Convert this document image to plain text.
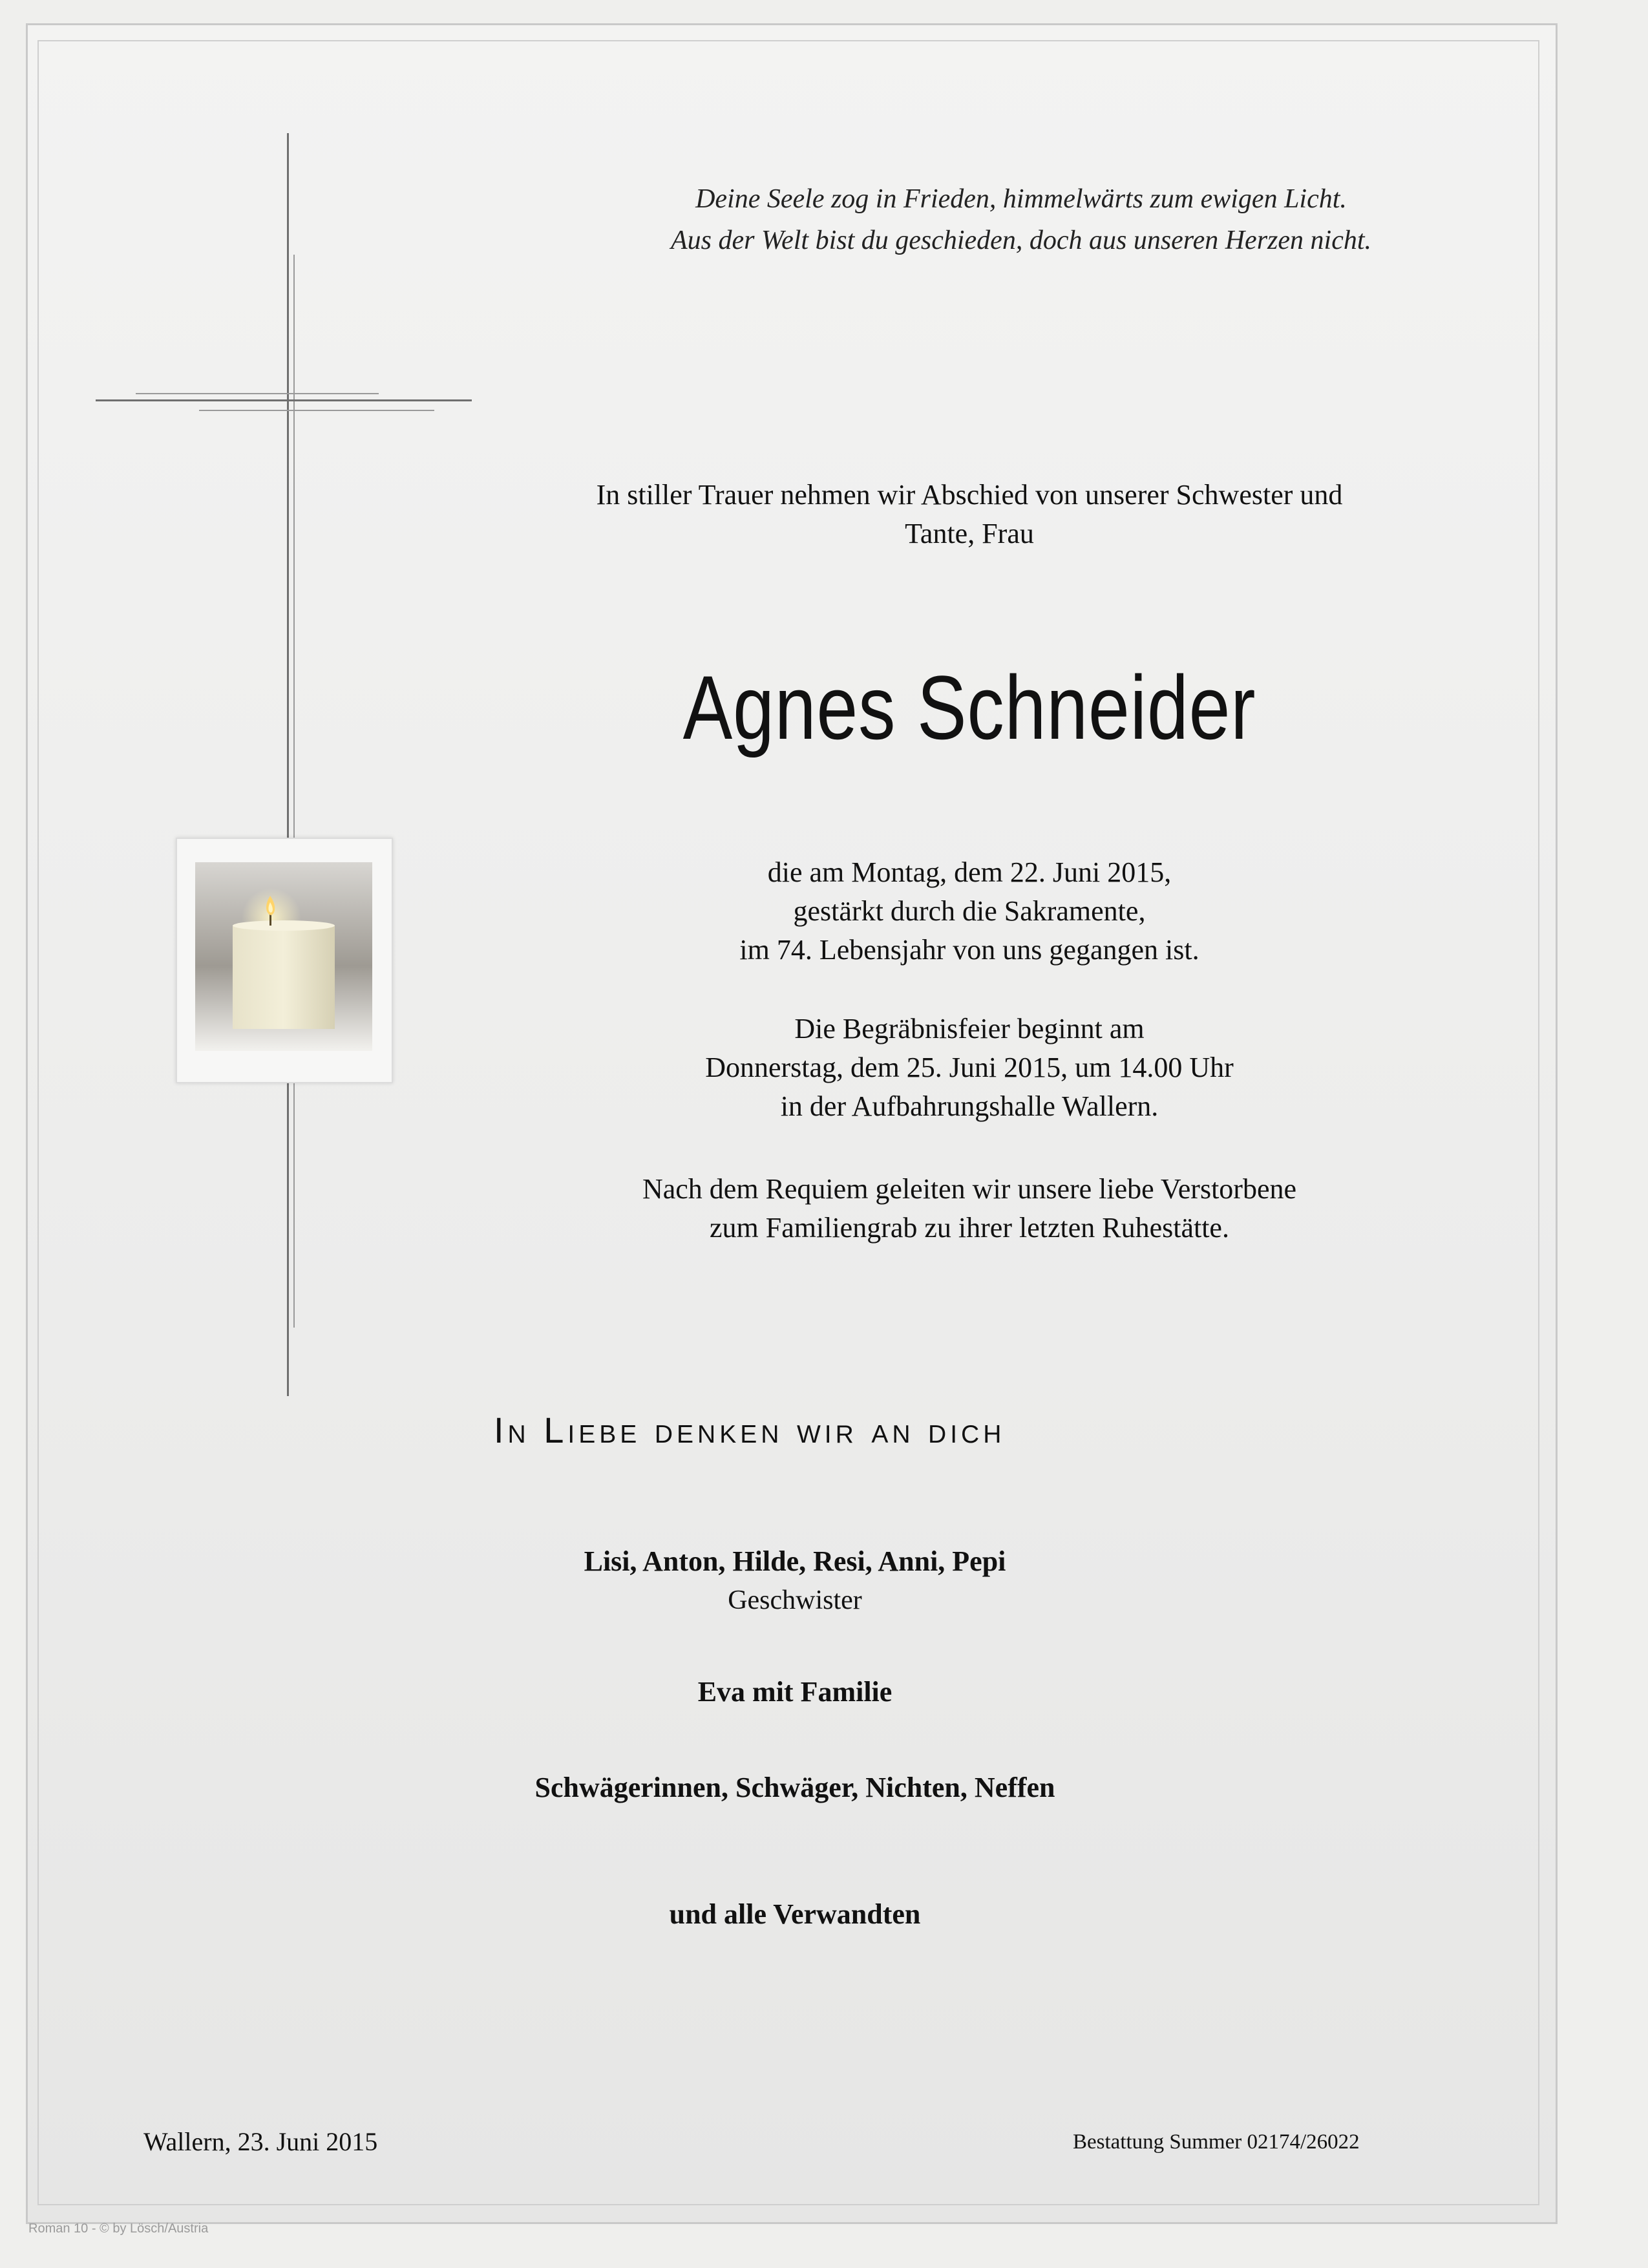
Deine Seele zog in Frieden, himmelwärts zum ewigen Licht.
Aus der Welt bist du geschieden, doch aus unseren Herzen nicht.
In stiller Trauer nehmen wir Abschied von unserer Schwester und
Tante, Frau
Agnes Schneider
die am Montag, dem 22. Juni 2015,
gestärkt durch die Sakramente,
im 74. Lebensjahr von uns gegangen ist.
Die Begräbnisfeier beginnt am
Donnerstag, dem 25. Juni 2015, um 14.00 Uhr
in der Aufbahrungshalle Wallern.
Nach dem Requiem geleiten wir unsere liebe Verstorbene
zum Familiengrab zu ihrer letzten Ruhestätte.
In Liebe denken wir an dich
Lisi, Anton, Hilde, Resi, Anni, Pepi
Geschwister
Eva mit Familie
Schwägerinnen, Schwäger, Nichten, Neffen
und alle Verwandten
Wallern, 23. Juni 2015	Bestattung Summer 02174/26022
Roman 10 - © by Lösch/Austria
